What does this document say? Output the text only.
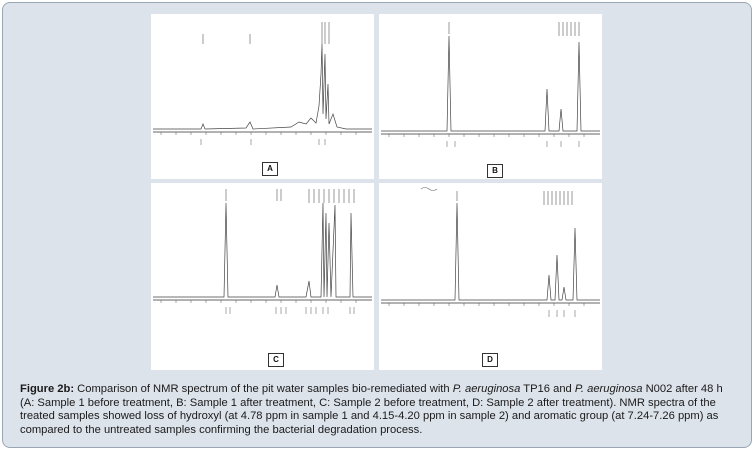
A	B
C	D
Figure 2b: Comparison of NMR spectrum of the pit water samples bio-remediated with P. aeruginosa TP16 and P. aeruginosa N002 after 48 h (A: Sample 1 before treatment, B: Sample 1 after treatment, C: Sample 2 before treatment, D: Sample 2 after treatment). NMR spectra of the treated samples showed loss of hydroxyl (at 4.78 ppm in sample 1 and 4.15-4.20 ppm in sample 2) and aromatic group (at 7.24-7.26 ppm) as compared to the untreated samples confirming the bacterial degradation process.
